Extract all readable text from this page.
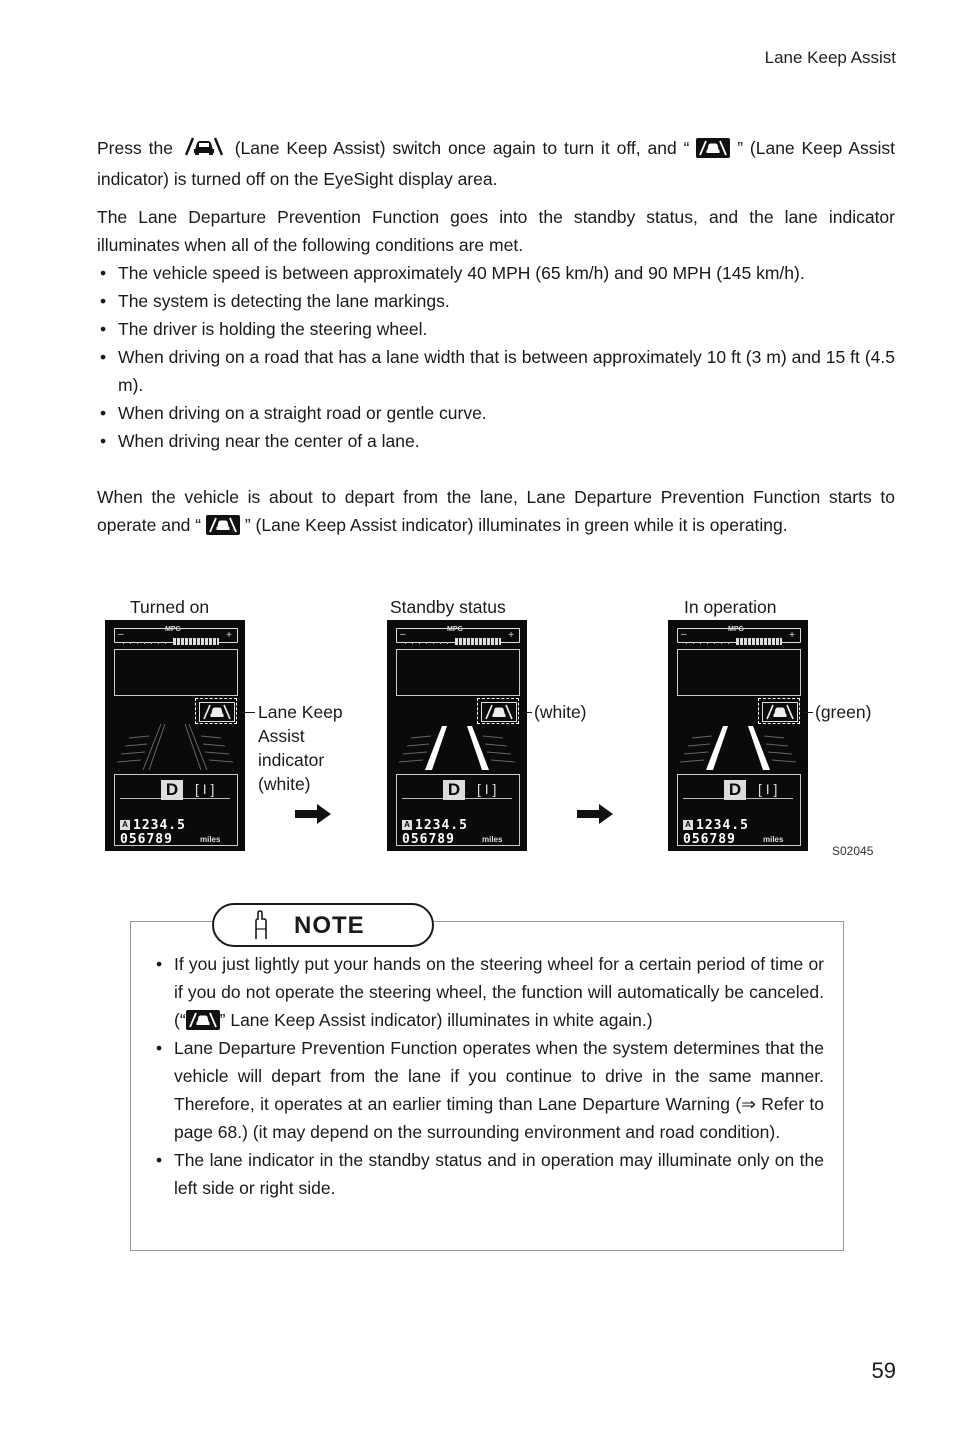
Lane Keep Assist
Press the	(Lane Keep Assist) switch once again to turn it off, and “	” (Lane Keep Assist indicator) is turned off on the EyeSight display area.
The Lane Departure Prevention Function goes into the standby status, and the lane indicator illuminates when all of the following conditions are met.
• The vehicle speed is between approximately 40 MPH (65 km/h) and 90 MPH (145 km/h).
• The system is detecting the lane markings.
• The driver is holding the steering wheel.
• When driving on a road that has a lane width that is between approximately 10 ft (3 m) and 15 ft (4.5 m).
• When driving on a straight road or gentle curve.
• When driving near the center of a lane.
When the vehicle is about to depart from the lane, Lane Departure Prevention Function starts to operate and “	” (Lane Keep Assist indicator) illuminates in green while it is operating.
Turned on	Standby status	In operation
MPG
–	+
D	[ I ]
A 1234.5
056789	miles
MPG
–	+
D	[ I ]
A 1234.5
056789	miles
MPG
–	+
D	[ I ]
A 1234.5
056789	miles
Lane Keep Assist indicator (white)
(white)	(green)
S02045
NOTE
• If you just lightly put your hands on the steering wheel for a certain period of time or if you do not operate the steering wheel, the function will automatically be canceled. (“ ” Lane Keep Assist indicator) illuminates in white again.)
• Lane Departure Prevention Function operates when the system determines that the vehicle will depart from the lane if you continue to drive in the same manner. Therefore, it operates at an earlier timing than Lane Departure Warning (⇒ Refer to page 68.) (it may depend on the surrounding environment and road condition).
• The lane indicator in the standby status and in operation may illuminate only on the left side or right side.
59
